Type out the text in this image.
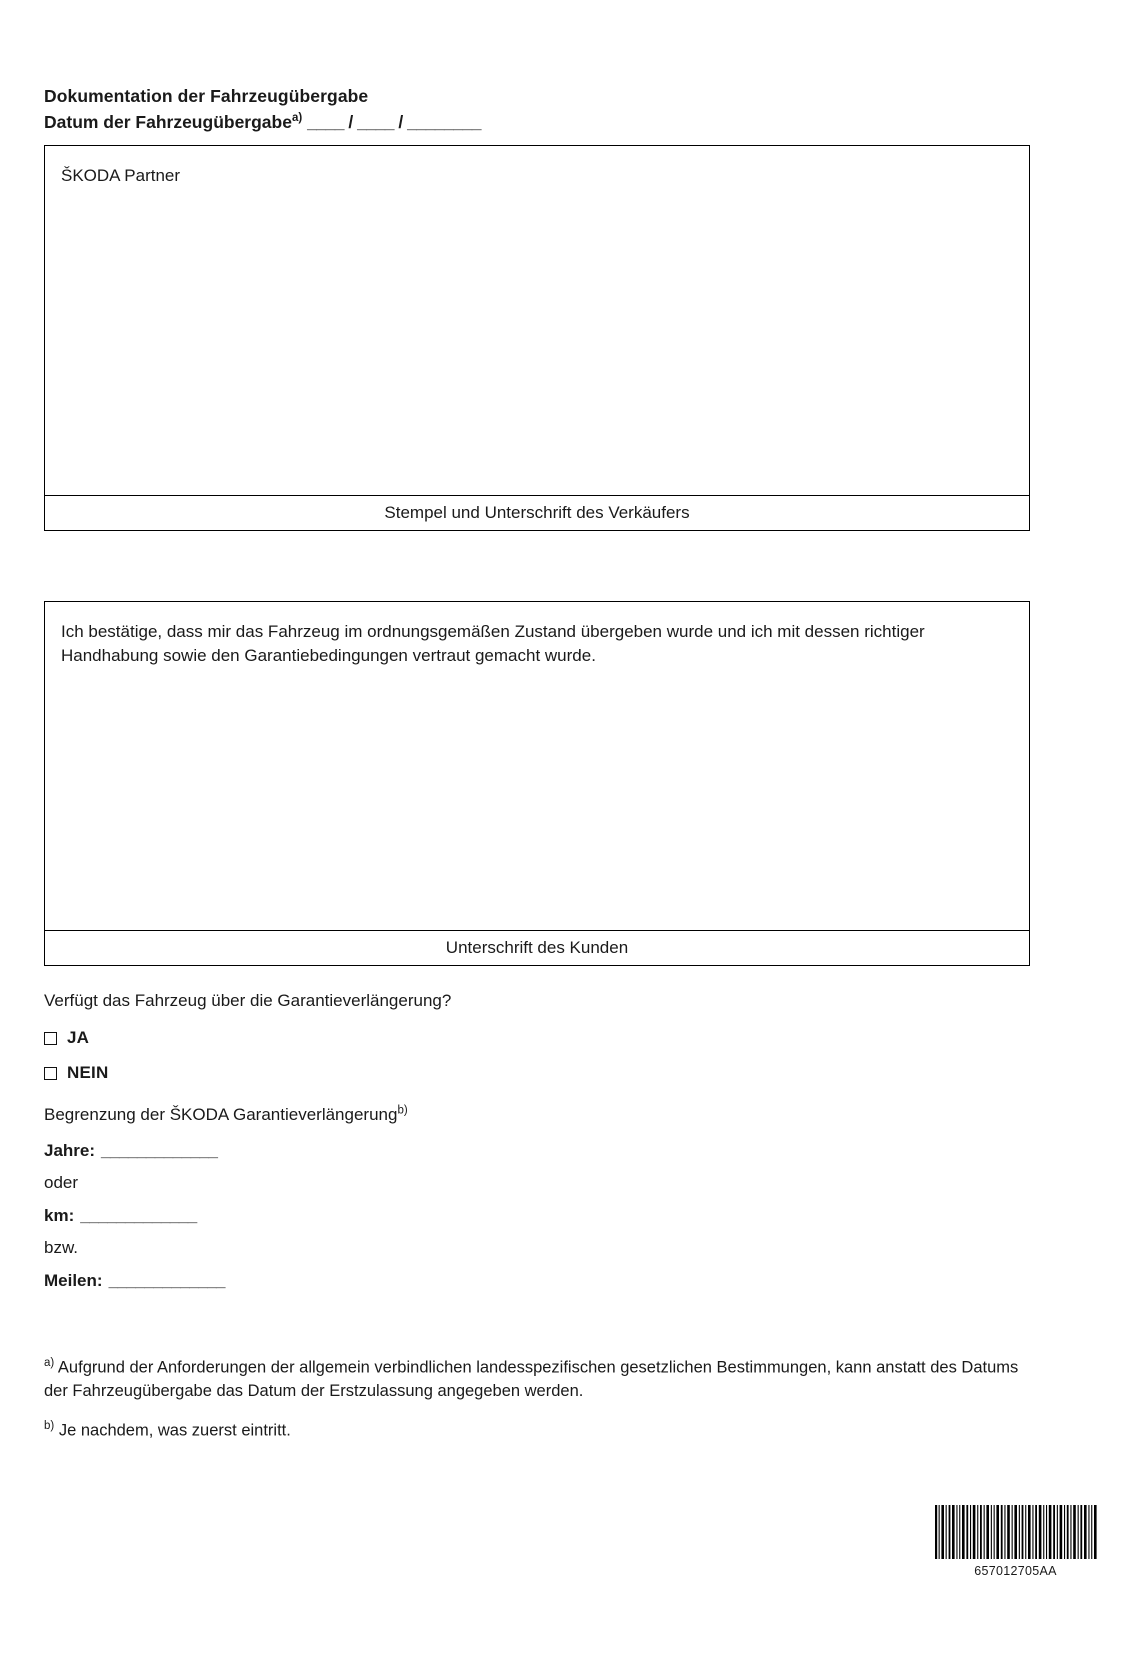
Dokumentation der Fahrzeugübergabe
Datum der Fahrzeugübergabe$^{a)}$ ____ / ____ / ________
ŠKODA Partner
Stempel und Unterschrift des Verkäufers
Ich bestätige, dass mir das Fahrzeug im ordnungsgemäßen Zustand übergeben wurde und ich mit dessen richtiger Handhabung sowie den Garantiebedingungen vertraut gemacht wurde.
Unterschrift des Kunden
Verfügt das Fahrzeug über die Garantieverlängerung?
JA
NEIN
Begrenzung der ŠKODA Garantieverlängerung$^{b)}$
Jahre: _____________
oder
km: _____________
bzw.
Meilen: _____________
$^{a)}$ Aufgrund der Anforderungen der allgemein verbindlichen landesspezifischen gesetzlichen Bestimmungen, kann anstatt des Datums der Fahrzeugübergabe das Datum der Erstzulassung angegeben werden.
$^{b)}$ Je nachdem, was zuerst eintritt.
657012705AA
